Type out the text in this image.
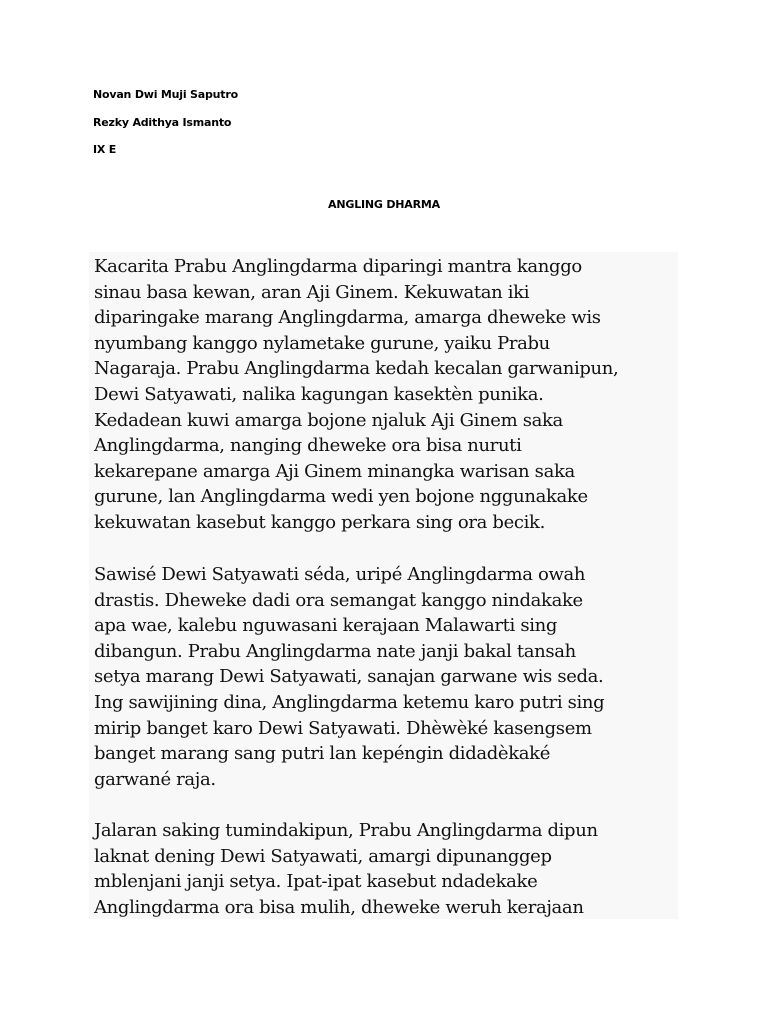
Novan Dwi Muji Saputro
Rezky Adithya Ismanto
IX E
ANGLING DHARMA
Kacarita Prabu Anglingdarma diparingi mantra kanggo
sinau basa kewan, aran Aji Ginem. Kekuwatan iki
diparingake marang Anglingdarma, amarga dheweke wis
nyumbang kanggo nylametake gurune, yaiku Prabu
Nagaraja. Prabu Anglingdarma kedah kecalan garwanipun,
Dewi Satyawati, nalika kagungan kasektèn punika.
Kedadean kuwi amarga bojone njaluk Aji Ginem saka
Anglingdarma, nanging dheweke ora bisa nuruti
kekarepane amarga Aji Ginem minangka warisan saka
gurune, lan Anglingdarma wedi yen bojone nggunakake
kekuwatan kasebut kanggo perkara sing ora becik.
Sawisé Dewi Satyawati séda, uripé Anglingdarma owah
drastis. Dheweke dadi ora semangat kanggo nindakake
apa wae, kalebu nguwasani kerajaan Malawarti sing
dibangun. Prabu Anglingdarma nate janji bakal tansah
setya marang Dewi Satyawati, sanajan garwane wis seda.
Ing sawijining dina, Anglingdarma ketemu karo putri sing
mirip banget karo Dewi Satyawati. Dhèwèké kasengsem
banget marang sang putri lan kepéngin didadèkaké
garwané raja.
Jalaran saking tumindakipun, Prabu Anglingdarma dipun
laknat dening Dewi Satyawati, amargi dipunanggep
mblenjani janji setya. Ipat-ipat kasebut ndadekake
Anglingdarma ora bisa mulih, dheweke weruh kerajaan
